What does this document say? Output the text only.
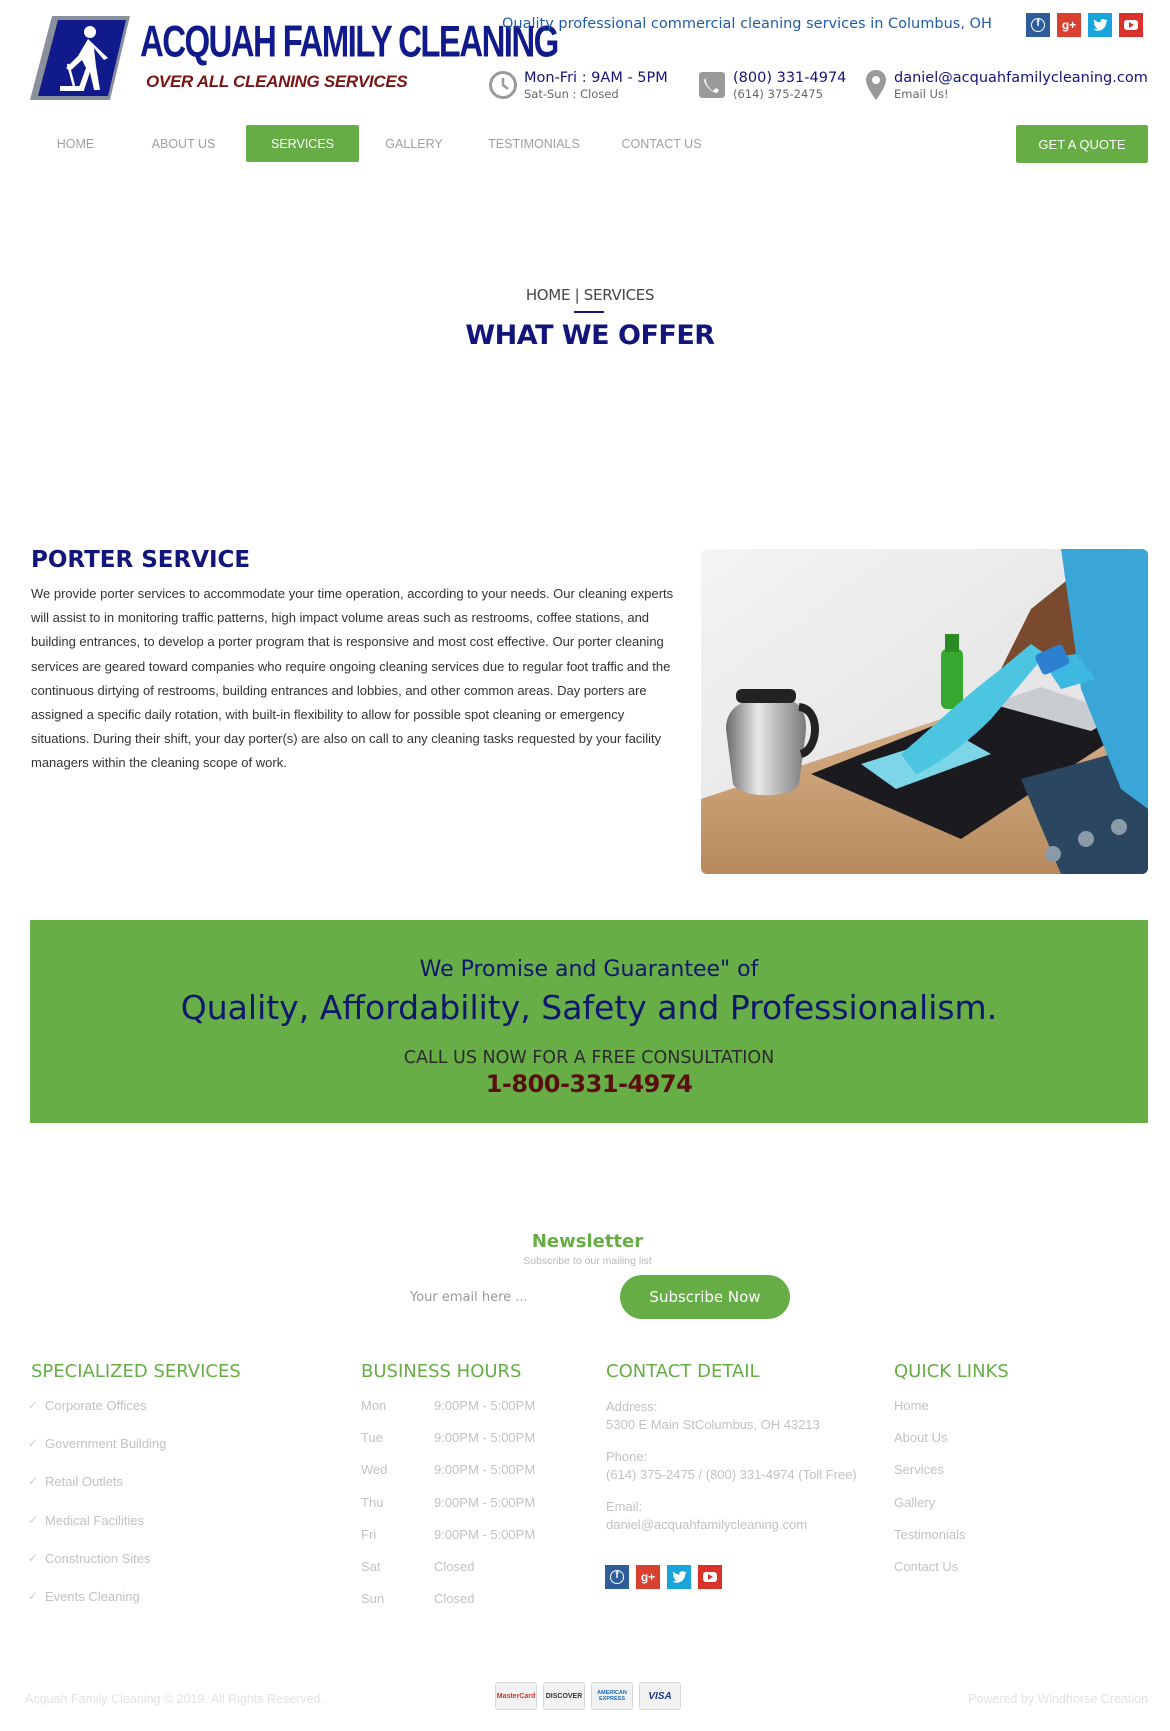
ACQUAH FAMILY CLEANING
OVER ALL CLEANING SERVICES
Quality professional commercial cleaning services in Columbus, OH	f	g+
Mon-Fri : 9AM - 5PM
Sat-Sun : Closed
(800) 331-4974
(614) 375-2475
daniel@acquahfamilycleaning.com
Email Us!
HOME	ABOUT US	SERVICES	GALLERY	TESTIMONIALS	CONTACT US	GET A QUOTE
HOME | SERVICES
WHAT WE OFFER
PORTER SERVICE

We provide porter services to accommodate your time operation, according to your needs. Our cleaning experts will assist to in monitoring traffic patterns, high impact volume areas such as restrooms, coffee stations, and building entrances, to develop a porter program that is responsive and most cost effective. Our porter cleaning services are geared toward companies who require ongoing cleaning services due to regular foot traffic and the continuous dirtying of restrooms, building entrances and lobbies, and other common areas. Day porters are assigned a specific daily rotation, with built-in flexibility to allow for possible spot cleaning or emergency situations. During their shift, your day porter(s) are also on call to any cleaning tasks requested by your facility managers within the cleaning scope of work.

We Promise and Guarantee" of
Quality, Affordability, Safety and Professionalism.
CALL US NOW FOR A FREE CONSULTATION
1-800-331-4974
Newsletter
Subscribe to our mailing list
Your email here ...
Subscribe Now
SPECIALIZED SERVICES
✓ Corporate Offices
✓ Government Building
✓ Retail Outlets
✓ Medical Facilities
✓ Construction Sites
✓ Events Cleaning
BUSINESS HOURS
Mon	9:00PM - 5:00PM
Tue	9:00PM - 5:00PM
Wed	9:00PM - 5:00PM
Thu	9:00PM - 5:00PM
Fri	9:00PM - 5:00PM
Sat	Closed
Sun	Closed
CONTACT DETAIL
Address:
5300 E Main StColumbus, OH 43213
Phone:
(614) 375-2475 / (800) 331-4974 (Toll Free)
Email:
daniel@acquahfamilycleaning.com
f	g+
QUICK LINKS
Home
About Us
Services
Gallery
Testimonials
Contact Us
Acquah Family Cleaning © 2019. All Rights Reserved.	MasterCard	DISCOVER	AMERICAN EXPRESS	VISA	Powered by Windhorse Creation
